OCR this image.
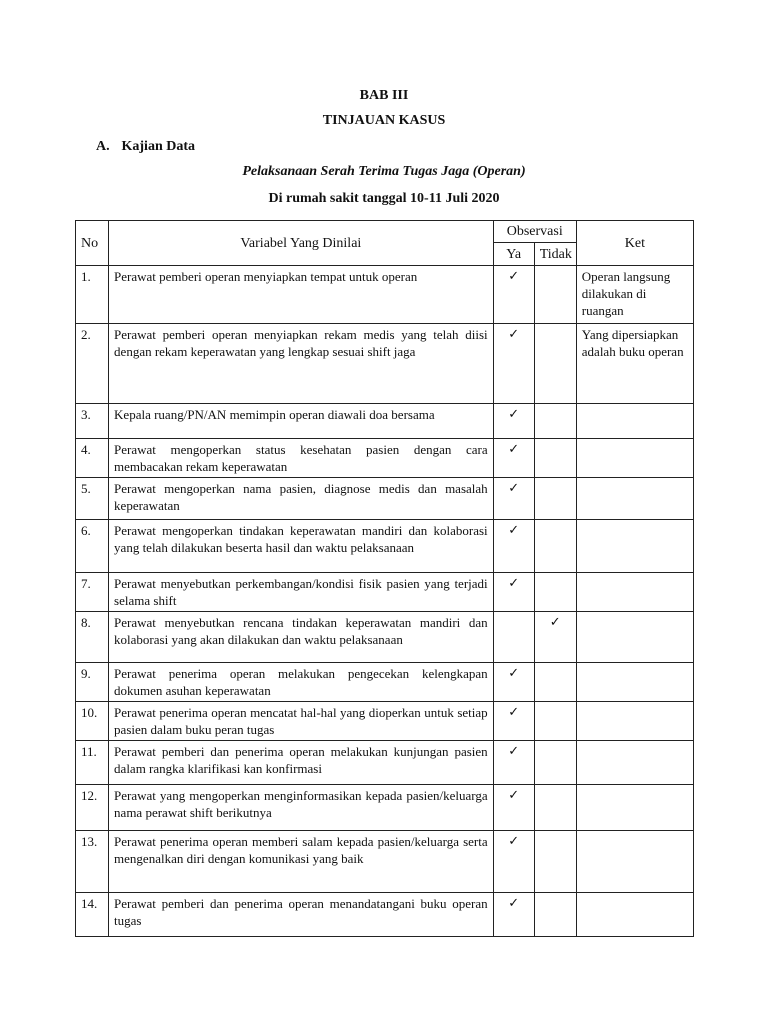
BAB III
TINJAUAN KASUS
A. Kajian Data
Pelaksanaan Serah Terima Tugas Jaga (Operan)
Di rumah sakit tanggal 10-11 Juli 2020
No	Variabel Yang Dinilai	Observasi		Ket
		Ya	Tidak	
1.	Perawat pemberi operan menyiapkan tempat untuk operan	✓		Operan langsung dilakukan di ruangan
2.	Perawat pemberi operan menyiapkan rekam medis yang telah diisi dengan rekam keperawatan yang lengkap sesuai shift jaga	✓		Yang dipersiapkan adalah buku operan
3.	Kepala ruang/PN/AN memimpin operan diawali doa bersama	✓		
4.	Perawat mengoperkan status kesehatan pasien dengan cara membacakan rekam keperawatan	✓		
5.	Perawat mengoperkan nama pasien, diagnose medis dan masalah keperawatan	✓		
6.	Perawat mengoperkan tindakan keperawatan mandiri dan kolaborasi yang telah dilakukan beserta hasil dan waktu pelaksanaan	✓		
7.	Perawat menyebutkan perkembangan/kondisi fisik pasien yang terjadi selama shift	✓		
8.	Perawat menyebutkan rencana tindakan keperawatan mandiri dan kolaborasi yang akan dilakukan dan waktu pelaksanaan		✓	
9.	Perawat penerima operan melakukan pengecekan kelengkapan dokumen asuhan keperawatan	✓		
10.	Perawat penerima operan mencatat hal-hal yang dioperkan untuk setiap pasien dalam buku peran tugas	✓		
11.	Perawat pemberi dan penerima operan melakukan kunjungan pasien dalam rangka klarifikasi kan konfirmasi	✓		
12.	Perawat yang mengoperkan menginformasikan kepada pasien/keluarga nama perawat shift berikutnya	✓		
13.	Perawat penerima operan memberi salam kepada pasien/keluarga serta mengenalkan diri dengan komunikasi yang baik	✓		
14.	Perawat pemberi dan penerima operan menandatangani buku operan tugas	✓		
